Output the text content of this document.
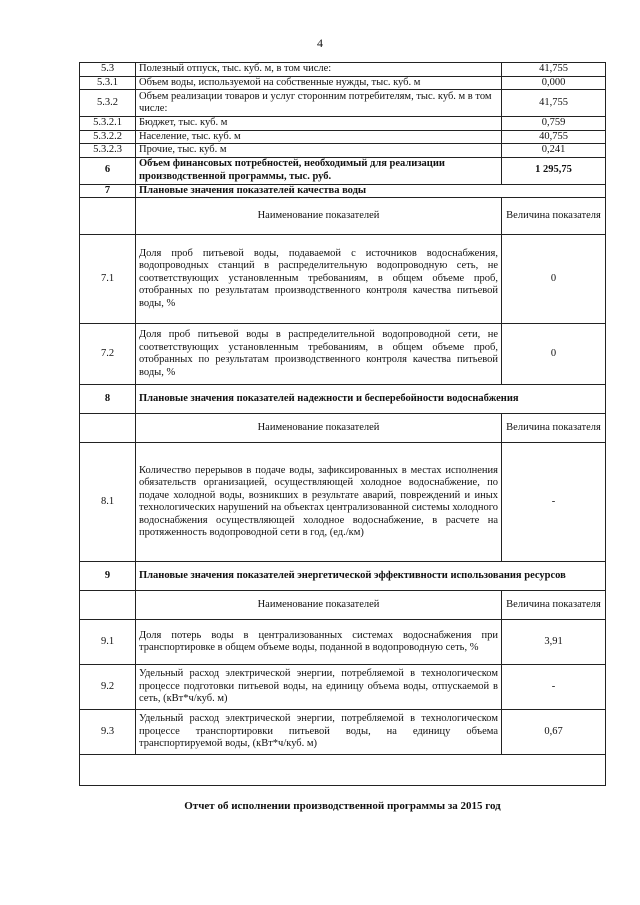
4
5.3	Полезный отпуск, тыс. куб. м, в том числе:	41,755
5.3.1	Объем воды, используемой на собственные нужды, тыс. куб. м	0,000
5.3.2	Объем реализации товаров и услуг сторонним потребителям, тыс. куб. м в том числе:	41,755
5.3.2.1	Бюджет, тыс. куб. м	0,759
5.3.2.2	Население, тыс. куб. м	40,755
5.3.2.3	Прочие, тыс. куб. м	0,241
6	Объем финансовых потребностей, необходимый для реализации производственной программы, тыс. руб.	1 295,75
7	Плановые значения показателей качества воды	
	Наименование показателей	Величина показателя
7.1	Доля проб питьевой воды, подаваемой с источников водоснабжения, водопроводных станций в распределительную водопроводную сеть, не соответствующих установленным требованиям, в общем объеме проб, отобранных по результатам производственного контроля качества питьевой воды, %	0
7.2	Доля проб питьевой воды в распределительной водопроводной сети, не соответствующих установленным требованиям, в общем объеме проб, отобранных по результатам производственного контроля качества питьевой воды, %	0
8	Плановые значения показателей надежности и бесперебойности водоснабжения	
	Наименование показателей	Величина показателя
8.1	Количество перерывов в подаче воды, зафиксированных в местах исполнения обязательств организацией, осуществляющей холодное водоснабжение, по подаче холодной воды, возникших в результате аварий, повреждений и иных технологических нарушений на объектах централизованной системы холодного водоснабжения осуществляющей холодное водоснабжение, в расчете на протяженность водопроводной сети в год, (ед./км)	-
9	Плановые значения показателей энергетической эффективности использования ресурсов	
	Наименование показателей	Величина показателя
9.1	Доля потерь воды в централизованных системах водоснабжения при транспортировке в общем объеме воды, поданной в водопроводную сеть, %	3,91
9.2	Удельный расход электрической энергии, потребляемой в технологическом процессе подготовки питьевой воды, на единицу объема воды, отпускаемой в сеть, (кВт*ч/куб. м)	-
9.3	Удельный расход электрической энергии, потребляемой в технологическом процессе транспортировки питьевой воды, на единицу объема транспортируемой воды, (кВт*ч/куб. м)	0,67

Отчет об исполнении производственной программы за 2015 год
